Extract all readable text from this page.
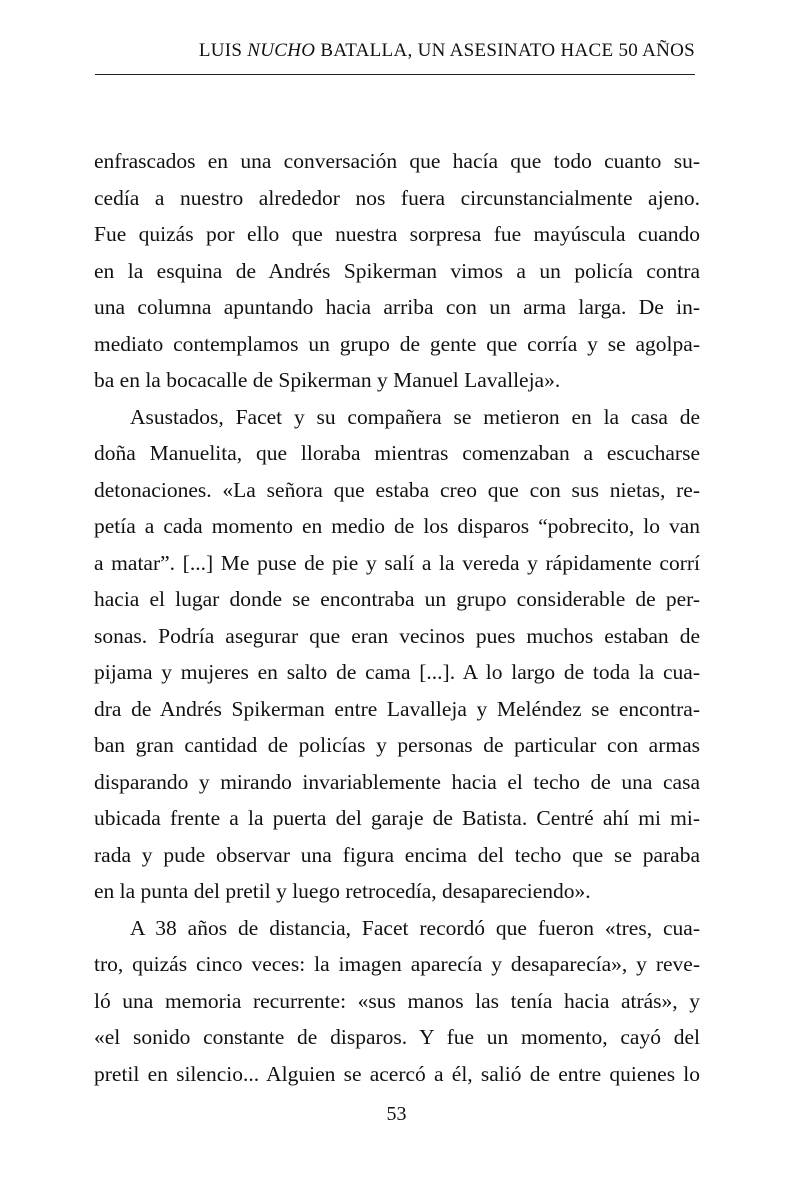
LUIS NUCHO BATALLA, UN ASESINATO HACE 50 AÑOS
enfrascados en una conversación que hacía que todo cuanto su-
cedía a nuestro alrededor nos fuera circunstancialmente ajeno.
Fue quizás por ello que nuestra sorpresa fue mayúscula cuando
en la esquina de Andrés Spikerman vimos a un policía contra
una columna apuntando hacia arriba con un arma larga. De in-
mediato contemplamos un grupo de gente que corría y se agolpa-
ba en la bocacalle de Spikerman y Manuel Lavalleja».
Asustados, Facet y su compañera se metieron en la casa de
doña Manuelita, que lloraba mientras comenzaban a escucharse
detonaciones. «La señora que estaba creo que con sus nietas, re-
petía a cada momento en medio de los disparos “pobrecito, lo van
a matar”. [...] Me puse de pie y salí a la vereda y rápidamente corrí
hacia el lugar donde se encontraba un grupo considerable de per-
sonas. Podría asegurar que eran vecinos pues muchos estaban de
pijama y mujeres en salto de cama [...]. A lo largo de toda la cua-
dra de Andrés Spikerman entre Lavalleja y Meléndez se encontra-
ban gran cantidad de policías y personas de particular con armas
disparando y mirando invariablemente hacia el techo de una casa
ubicada frente a la puerta del garaje de Batista. Centré ahí mi mi-
rada y pude observar una figura encima del techo que se paraba
en la punta del pretil y luego retrocedía, desapareciendo».
A 38 años de distancia, Facet recordó que fueron «tres, cua-
tro, quizás cinco veces: la imagen aparecía y desaparecía», y reve-
ló una memoria recurrente: «sus manos las tenía hacia atrás», y
«el sonido constante de disparos. Y fue un momento, cayó del
pretil en silencio... Alguien se acercó a él, salió de entre quienes lo
53
